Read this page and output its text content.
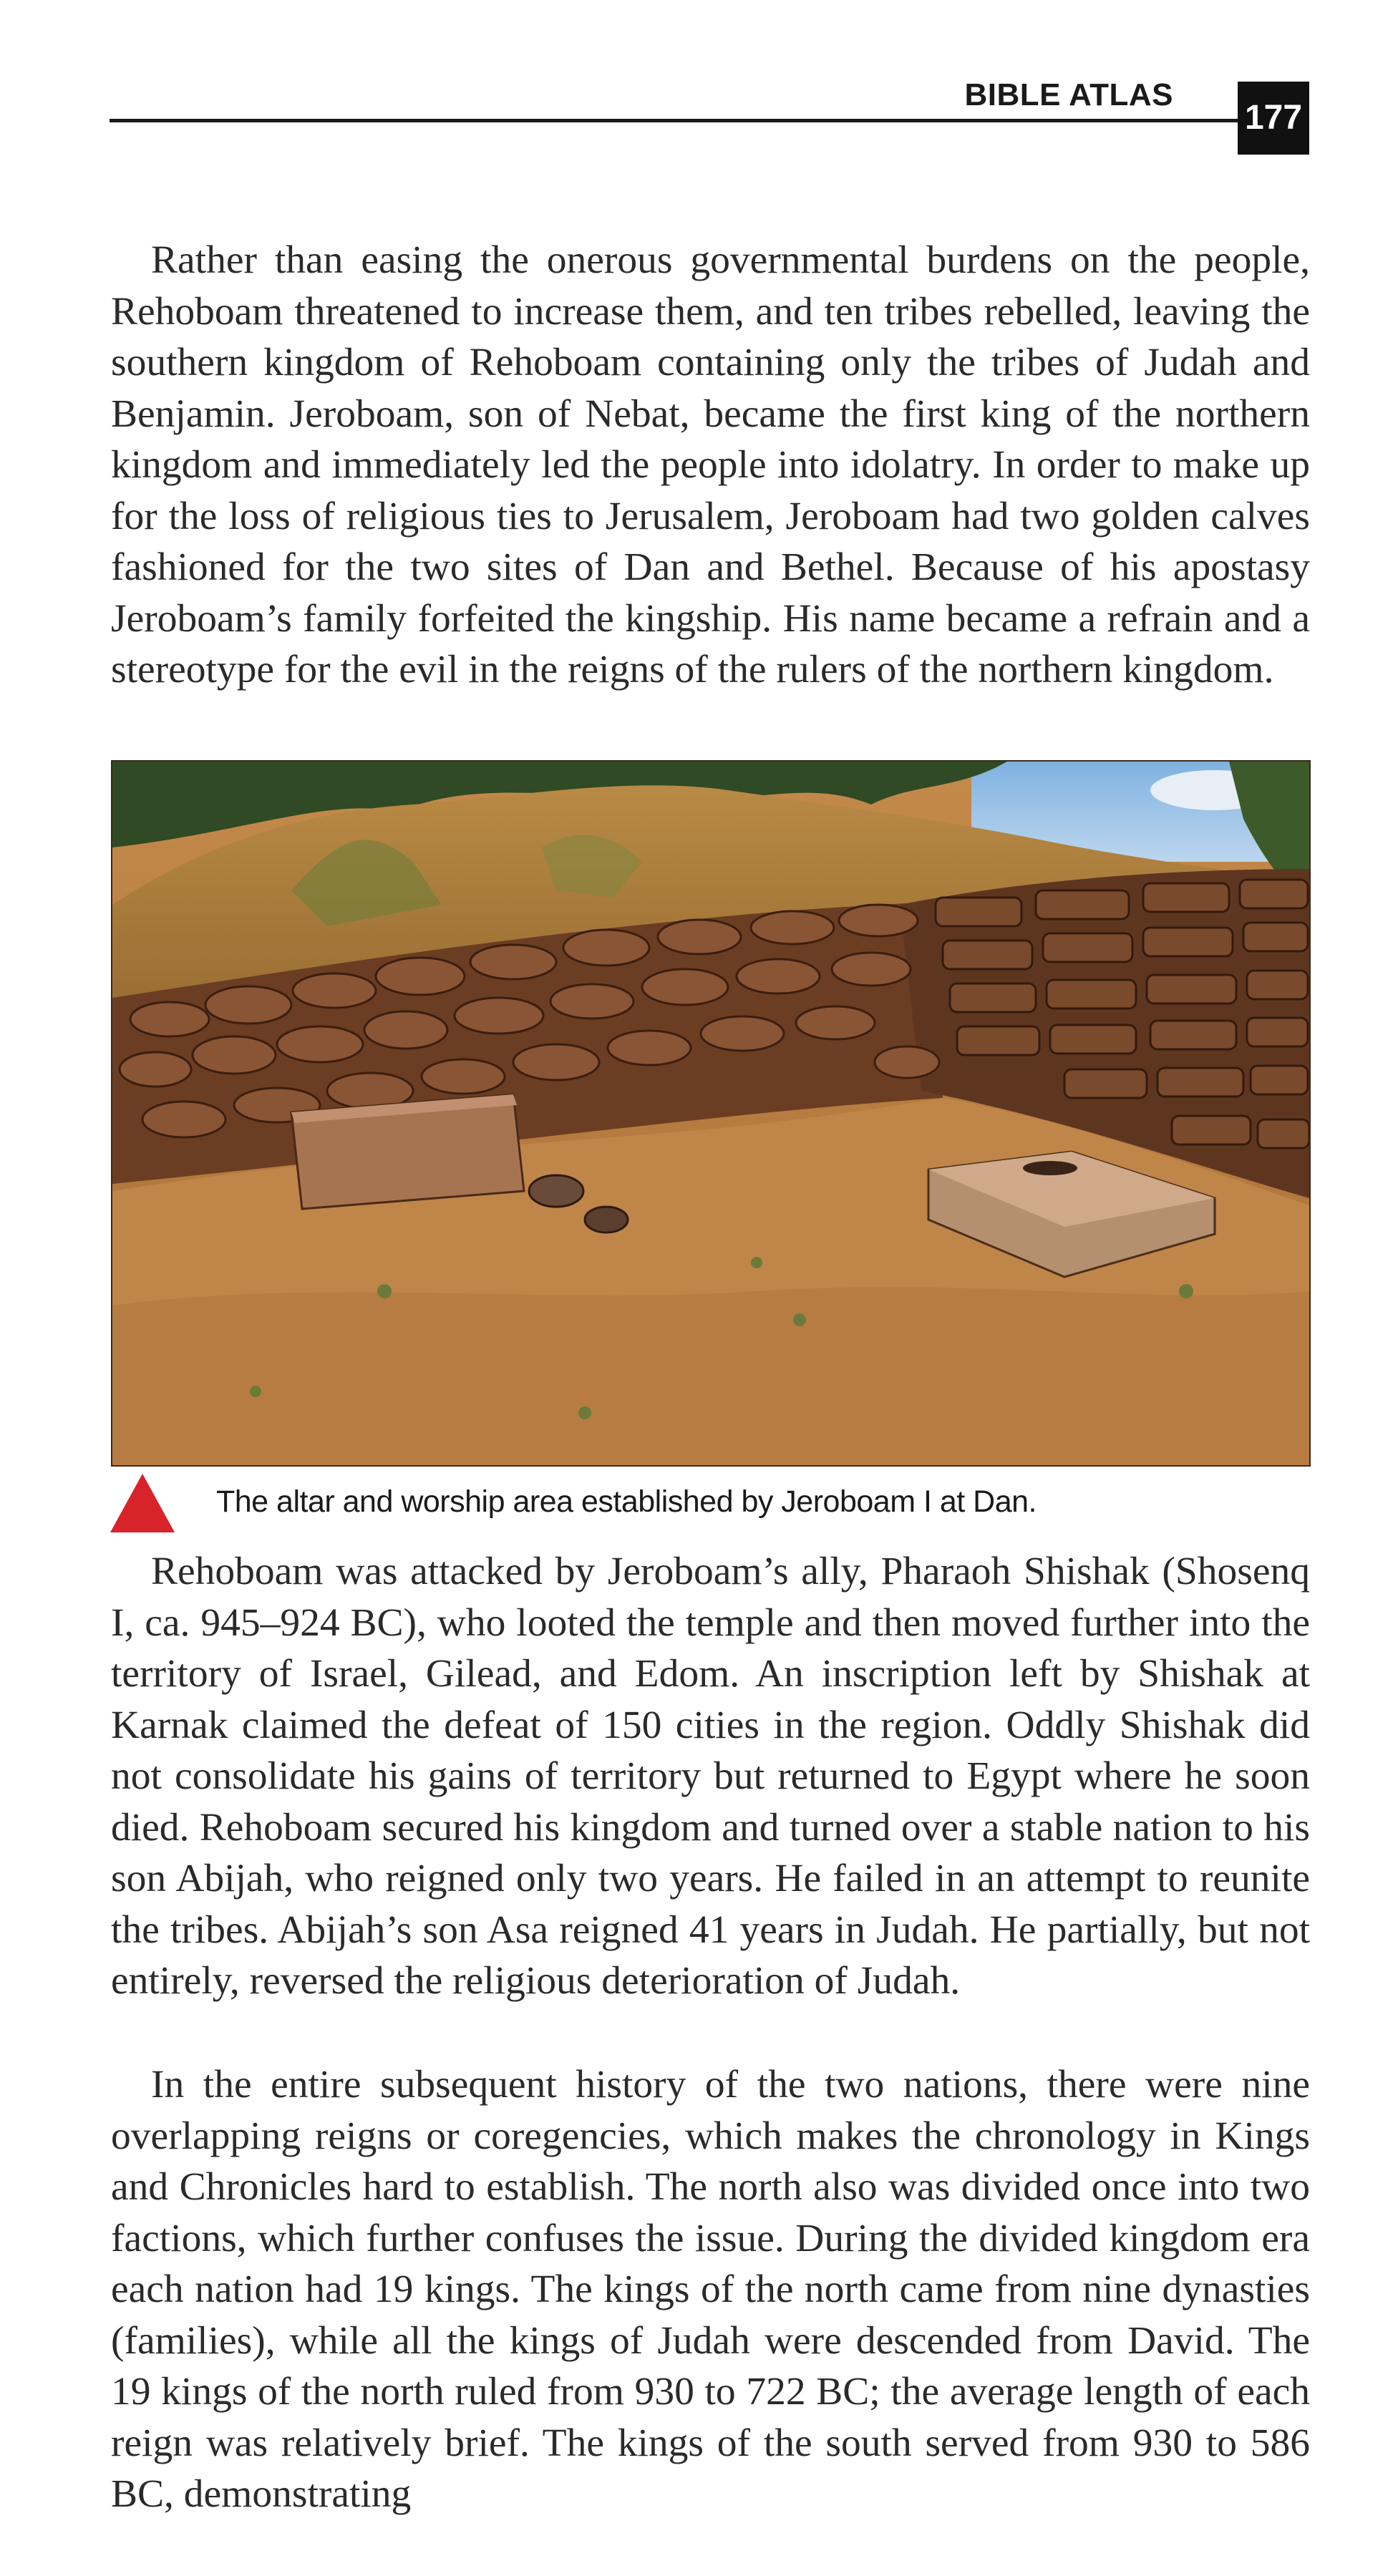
BIBLE ATLAS
177

Rather than easing the onerous governmental burdens on the people, Rehoboam threatened to increase them, and ten tribes rebelled, leaving the southern kingdom of Rehoboam containing only the tribes of Judah and Benjamin. Jeroboam, son of Nebat, became the first king of the northern kingdom and immediately led the people into idolatry. In order to make up for the loss of religious ties to Jerusalem, Jeroboam had two golden calves fashioned for the two sites of Dan and Bethel. Because of his apostasy Jeroboam’s family forfeited the kingship. His name became a refrain and a stereotype for the evil in the reigns of the rulers of the northern kingdom.

The altar and worship area established by Jeroboam I at Dan.

Rehoboam was attacked by Jeroboam’s ally, Pharaoh Shishak (Shosenq I, ca. 945–924 BC), who looted the temple and then moved further into the territory of Israel, Gilead, and Edom. An inscription left by Shishak at Karnak claimed the defeat of 150 cities in the region. Oddly Shishak did not consolidate his gains of territory but returned to Egypt where he soon died. Rehoboam secured his kingdom and turned over a stable nation to his son Abijah, who reigned only two years. He failed in an attempt to reunite the tribes. Abijah’s son Asa reigned 41 years in Judah. He partially, but not entirely, reversed the religious deterioration of Judah.

In the entire subsequent history of the two nations, there were nine overlapping reigns or coregencies, which makes the chronology in Kings and Chronicles hard to establish. The north also was divided once into two factions, which further confuses the issue. During the divided kingdom era each nation had 19 kings. The kings of the north came from nine dynasties (families), while all the kings of Judah were descended from David. The 19 kings of the north ruled from 930 to 722 BC; the average length of each reign was relatively brief. The kings of the south served from 930 to 586 BC, demonstrating
